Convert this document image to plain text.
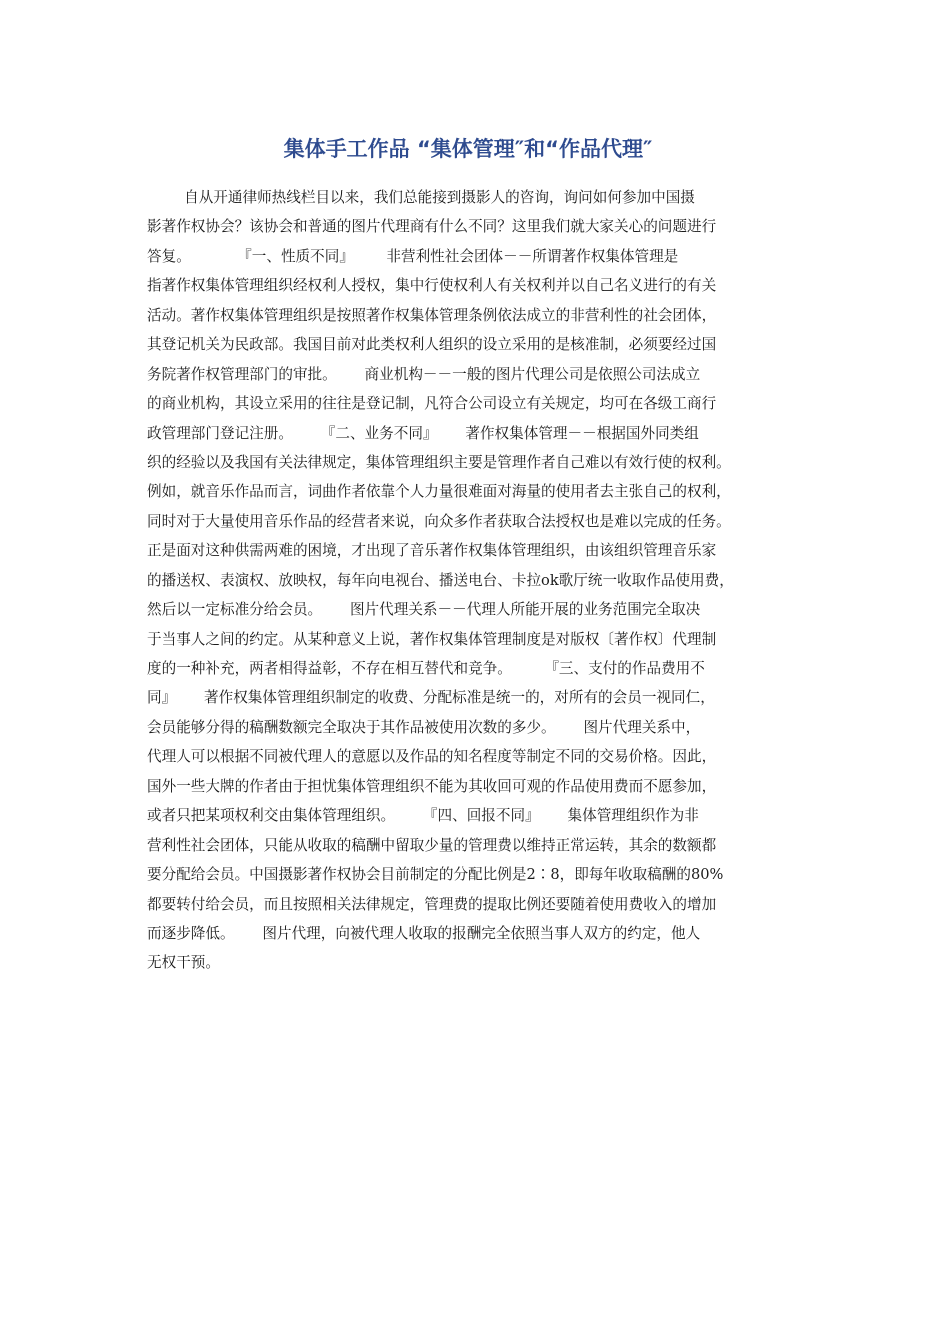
集体手工作品 “集体管理″和“作品代理″
自从开通律师热线栏目以来，我们总能接到摄影人的咨询，询问如何参加中国摄
影著作权协会？该协会和普通的图片代理商有什么不同？这里我们就大家关心的问题进行
答复。          『一、性质不同』       非营利性社会团体－－所谓著作权集体管理是
指著作权集体管理组织经权利人授权，集中行使权利人有关权利并以自己名义进行的有关
活动。著作权集体管理组织是按照著作权集体管理条例依法成立的非营利性的社会团体，
其登记机关为民政部。我国目前对此类权利人组织的设立采用的是核准制，必须要经过国
务院著作权管理部门的审批。      商业机构－－一般的图片代理公司是依照公司法成立
的商业机构，其设立采用的往往是登记制，凡符合公司设立有关规定，均可在各级工商行
政管理部门登记注册。      『二、业务不同』      著作权集体管理－－根据国外同类组
织的经验以及我国有关法律规定，集体管理组织主要是管理作者自己难以有效行使的权利。
例如，就音乐作品而言，词曲作者依靠个人力量很难面对海量的使用者去主张自己的权利，
同时对于大量使用音乐作品的经营者来说，向众多作者获取合法授权也是难以完成的任务。
正是面对这种供需两难的困境，才出现了音乐著作权集体管理组织，由该组织管理音乐家
的播送权、表演权、放映权，每年向电视台、播送电台、卡拉ok歌厅统一收取作品使用费，
然后以一定标准分给会员。      图片代理关系－－代理人所能开展的业务范围完全取决
于当事人之间的约定。从某种意义上说，著作权集体管理制度是对版权〔著作权〕代理制
度的一种补充，两者相得益彰，不存在相互替代和竞争。       『三、支付的作品费用不
同』      著作权集体管理组织制定的收费、分配标准是统一的，对所有的会员一视同仁，
会员能够分得的稿酬数额完全取决于其作品被使用次数的多少。      图片代理关系中，
代理人可以根据不同被代理人的意愿以及作品的知名程度等制定不同的交易价格。因此，
国外一些大牌的作者由于担忧集体管理组织不能为其收回可观的作品使用费而不愿参加，
或者只把某项权利交由集体管理组织。      『四、回报不同』      集体管理组织作为非
营利性社会团体，只能从收取的稿酬中留取少量的管理费以维持正常运转，其余的数额都
要分配给会员。中国摄影著作权协会目前制定的分配比例是2∶8，即每年收取稿酬的80%
都要转付给会员，而且按照相关法律规定，管理费的提取比例还要随着使用费收入的增加
而逐步降低。      图片代理，向被代理人收取的报酬完全依照当事人双方的约定，他人
无权干预。
